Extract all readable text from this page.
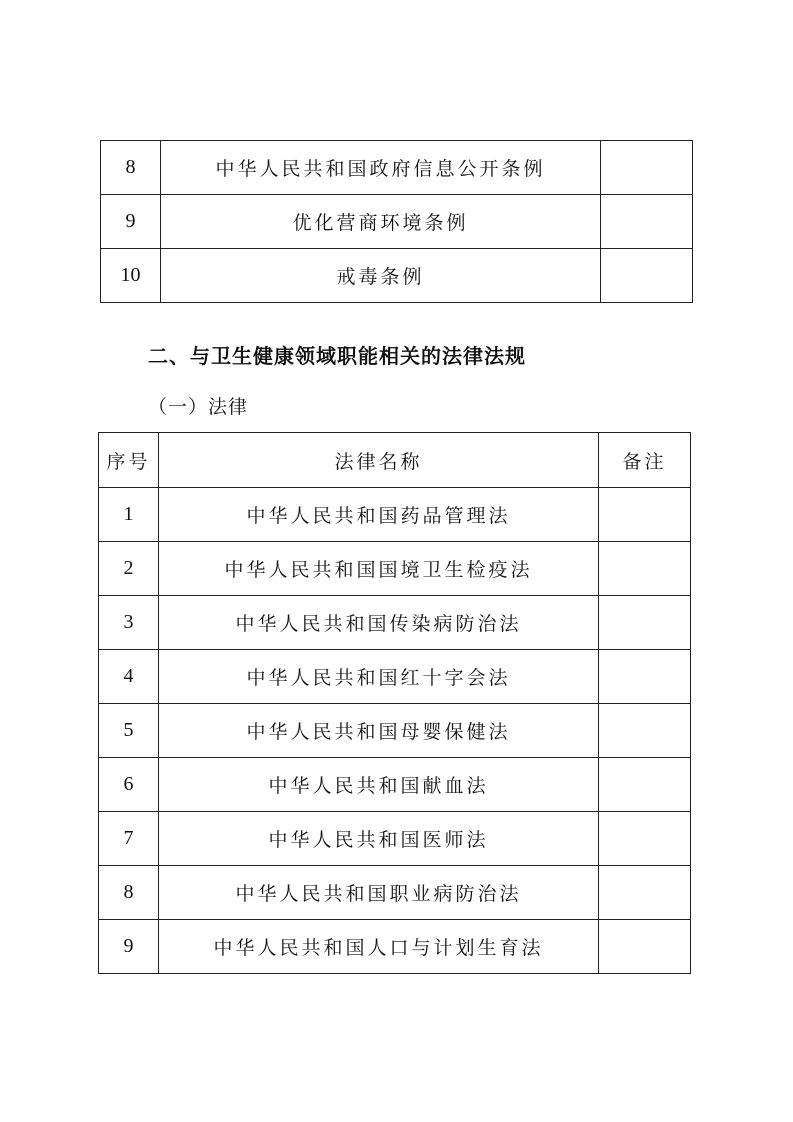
8	中华人民共和国政府信息公开条例	
9	优化营商环境条例	
10	戒毒条例	
二、与卫生健康领域职能相关的法律法规
（一）法律
序号	法律名称	备注
1	中华人民共和国药品管理法	
2	中华人民共和国国境卫生检疫法	
3	中华人民共和国传染病防治法	
4	中华人民共和国红十字会法	
5	中华人民共和国母婴保健法	
6	中华人民共和国献血法	
7	中华人民共和国医师法	
8	中华人民共和国职业病防治法	
9	中华人民共和国人口与计划生育法	
